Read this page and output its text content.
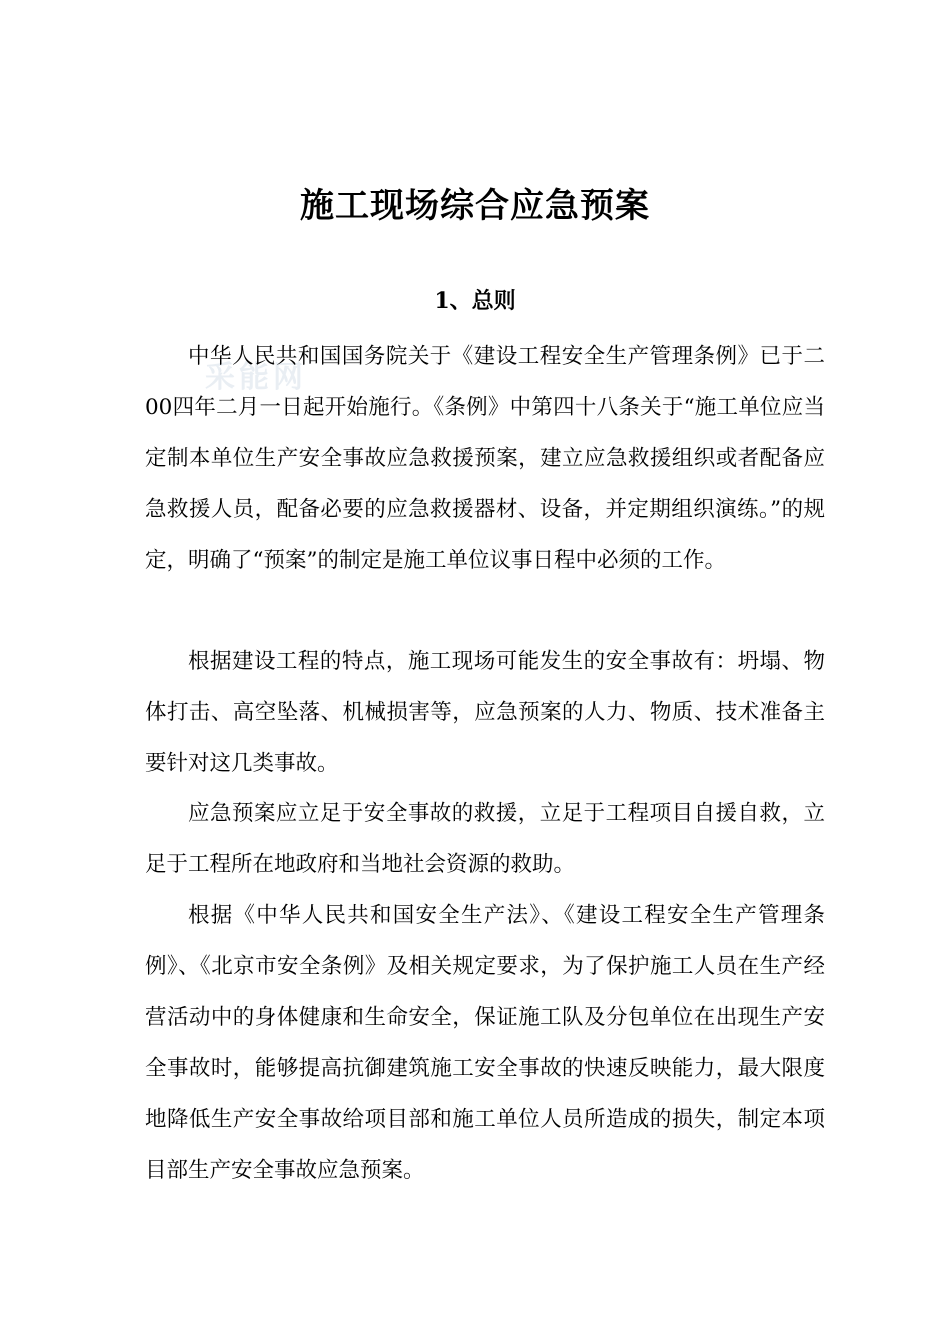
采能网
施工现场综合应急预案
1、总则

中华人民共和国国务院关于《建设工程安全生产管理条例》已于二00四年二月一日起开始施行。《条例》中第四十八条关于“施工单位应当定制本单位生产安全事故应急救援预案，建立应急救援组织或者配备应急救援人员，配备必要的应急救援器材、设备，并定期组织演练。”的规定，明确了“预案”的制定是施工单位议事日程中必须的工作。

根据建设工程的特点，施工现场可能发生的安全事故有：坍塌、物体打击、高空坠落、机械损害等，应急预案的人力、物质、技术准备主要针对这几类事故。

应急预案应立足于安全事故的救援，立足于工程项目自援自救，立足于工程所在地政府和当地社会资源的救助。

根据《中华人民共和国安全生产法》、《建设工程安全生产管理条例》、《北京市安全条例》及相关规定要求，为了保护施工人员在生产经营活动中的身体健康和生命安全，保证施工队及分包单位在出现生产安全事故时，能够提高抗御建筑施工安全事故的快速反映能力，最大限度地降低生产安全事故给项目部和施工单位人员所造成的损失，制定本项目部生产安全事故应急预案。
